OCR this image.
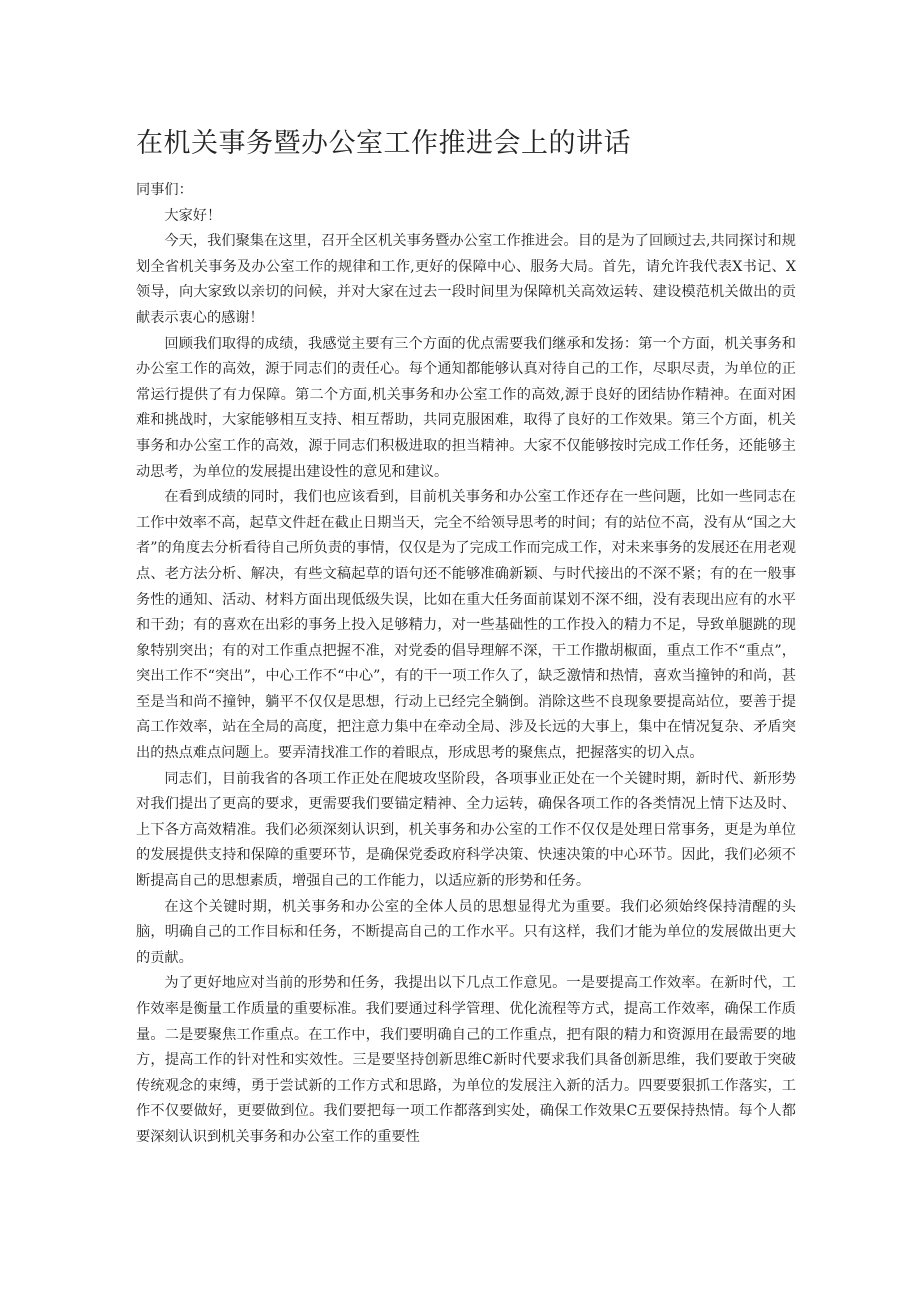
在机关事务暨办公室工作推进会上的讲话

同事们：

大家好！

今天，我们聚集在这里，召开全区机关事务暨办公室工作推进会。目的是为了回顾过去,共同探讨和规划全省机关事务及办公室工作的规律和工作,更好的保障中心、服务大局。首先，请允许我代表X书记、X领导，向大家致以亲切的问候，并对大家在过去一段时间里为保障机关高效运转、建设模范机关做出的贡献表示衷心的感谢！

回顾我们取得的成绩，我感觉主要有三个方面的优点需要我们继承和发扬：第一个方面，机关事务和办公室工作的高效，源于同志们的责任心。每个通知都能够认真对待自己的工作，尽职尽责，为单位的正常运行提供了有力保障。第二个方面,机关事务和办公室工作的高效,源于良好的团结协作精神。在面对困难和挑战时，大家能够相互支持、相互帮助，共同克服困难，取得了良好的工作效果。第三个方面，机关事务和办公室工作的高效，源于同志们积极进取的担当精神。大家不仅能够按时完成工作任务，还能够主动思考，为单位的发展提出建设性的意见和建议。

在看到成绩的同时，我们也应该看到，目前机关事务和办公室工作还存在一些问题，比如一些同志在工作中效率不高，起草文件赶在截止日期当天，完全不给领导思考的时间；有的站位不高，没有从“国之大者”的角度去分析看待自己所负责的事情，仅仅是为了完成工作而完成工作，对未来事务的发展还在用老观点、老方法分析、解决，有些文稿起草的语句还不能够准确新颖、与时代接出的不深不紧；有的在一般事务性的通知、活动、材料方面出现低级失误，比如在重大任务面前谋划不深不细，没有表现出应有的水平和干劲；有的喜欢在出彩的事务上投入足够精力，对一些基础性的工作投入的精力不足，导致单腿跳的现象特别突出；有的对工作重点把握不准，对党委的倡导理解不深，干工作撒胡椒面，重点工作不“重点”，突出工作不“突出”，中心工作不“中心”，有的干一项工作久了，缺乏激情和热情，喜欢当撞钟的和尚，甚至是当和尚不撞钟，躺平不仅仅是思想，行动上已经完全躺倒。消除这些不良现象要提高站位，要善于提高工作效率，站在全局的高度，把注意力集中在牵动全局、涉及长远的大事上，集中在情况复杂、矛盾突出的热点难点问题上。要弄清找准工作的着眼点，形成思考的聚焦点，把握落实的切入点。

同志们，目前我省的各项工作正处在爬坡攻坚阶段，各项事业正处在一个关键时期，新时代、新形势对我们提出了更高的要求，更需要我们要锚定精神、全力运转，确保各项工作的各类情况上情下达及时、上下各方高效精准。我们必须深刻认识到，机关事务和办公室的工作不仅仅是处理日常事务，更是为单位的发展提供支持和保障的重要环节，是确保党委政府科学决策、快速决策的中心环节。因此，我们必须不断提高自己的思想素质，增强自己的工作能力，以适应新的形势和任务。

在这个关键时期，机关事务和办公室的全体人员的思想显得尤为重要。我们必须始终保持清醒的头脑，明确自己的工作目标和任务，不断提高自己的工作水平。只有这样，我们才能为单位的发展做出更大的贡献。

为了更好地应对当前的形势和任务，我提出以下几点工作意见。一是要提高工作效率。在新时代，工作效率是衡量工作质量的重要标准。我们要通过科学管理、优化流程等方式，提高工作效率，确保工作质量。二是要聚焦工作重点。在工作中，我们要明确自己的工作重点，把有限的精力和资源用在最需要的地方，提高工作的针对性和实效性。三是要坚持创新思维C新时代要求我们具备创新思维，我们要敢于突破传统观念的束缚，勇于尝试新的工作方式和思路，为单位的发展注入新的活力。四要要狠抓工作落实，工作不仅要做好，更要做到位。我们要把每一项工作都落到实处，确保工作效果C五要保持热情。每个人都要深刻认识到机关事务和办公室工作的重要性
